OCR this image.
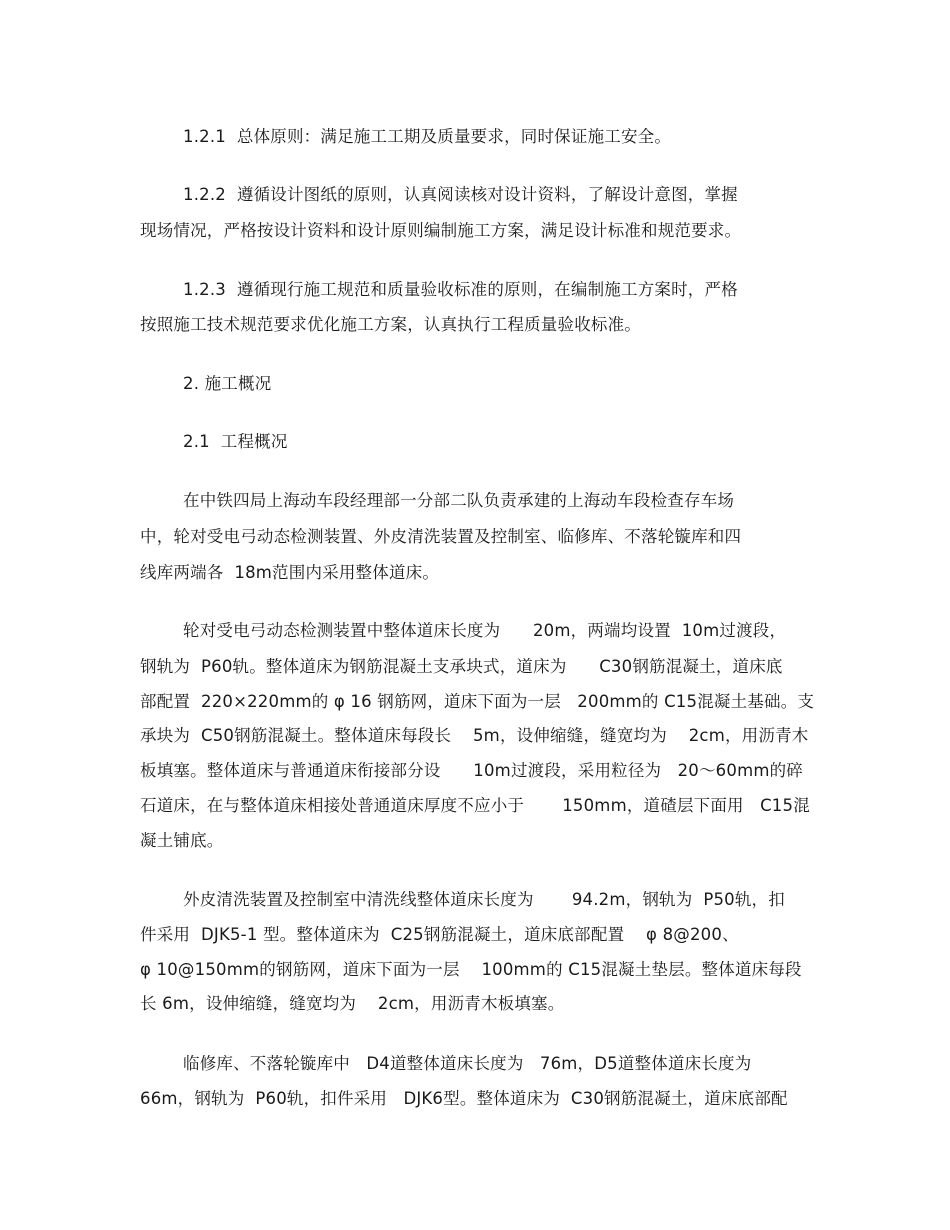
1.2.1  总体原则：满足施工工期及质量要求，同时保证施工安全。
1.2.2  遵循设计图纸的原则，认真阅读核对设计资料，了解设计意图，掌握
现场情况，严格按设计资料和设计原则编制施工方案，满足设计标准和规范要求。
1.2.3  遵循现行施工规范和质量验收标准的原则，在编制施工方案时，严格
按照施工技术规范要求优化施工方案，认真执行工程质量验收标准。
2. 施工概况
2.1  工程概况
在中铁四局上海动车段经理部一分部二队负责承建的上海动车段检查存车场
中，轮对受电弓动态检测装置、外皮清洗装置及控制室、临修库、不落轮镟库和四
线库两端各  18m范围内采用整体道床。
轮对受电弓动态检测装置中整体道床长度为      20m，两端均设置  10m过渡段，
钢轨为  P60轨。整体道床为钢筋混凝土支承块式，道床为      C30钢筋混凝土，道床底
部配置  220×220mm的 φ 16 钢筋网，道床下面为一层   200mm的 C15混凝土基础。支
承块为  C50钢筋混凝土。整体道床每段长    5m，设伸缩缝，缝宽均为    2cm，用沥青木
板填塞。整体道床与普通道床衔接部分设      10m过渡段，采用粒径为   20～60mm的碎
石道床，在与整体道床相接处普通道床厚度不应小于       150mm，道碴层下面用   C15混
凝土铺底。
外皮清洗装置及控制室中清洗线整体道床长度为       94.2m，钢轨为  P50轨，扣
件采用  DJK5-1 型。整体道床为  C25钢筋混凝土，道床底部配置    φ 8@200、
φ 10@150mm的钢筋网，道床下面为一层    100mm的 C15混凝土垫层。整体道床每段
长 6m，设伸缩缝，缝宽均为    2cm，用沥青木板填塞。
临修库、不落轮镟库中   D4道整体道床长度为   76m，D5道整体道床长度为
66m，钢轨为  P60轨，扣件采用   DJK6型。整体道床为  C30钢筋混凝土，道床底部配
